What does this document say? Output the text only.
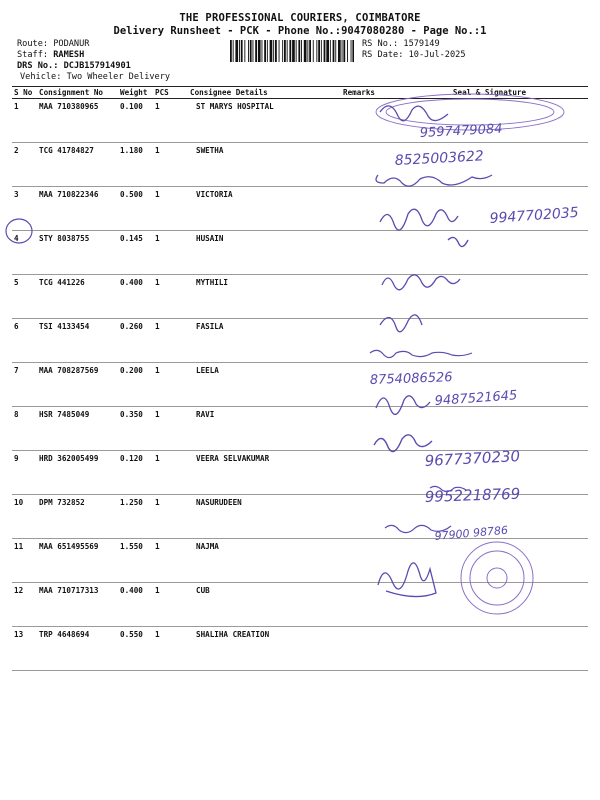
THE PROFESSIONAL COURIERS, COIMBATORE
Delivery Runsheet - PCK - Phone No.:9047080280 - Page No.:1
Route: PODANUR
Staff: RAMESH
DRS No.: DCJB157914901
Vehicle: Two Wheeler Delivery
RS No.: 1579149
RS Date: 10-Jul-2025
S No	Consignment No	Weight	PCS	Consignee Details	Remarks	Seal & Signature
1	MAA 710380965	0.100	1	ST MARYS HOSPITAL		
2	TCG 41784827	1.180	1	SWETHA		
3	MAA 710822346	0.500	1	VICTORIA		
4	STY 8038755	0.145	1	HUSAIN		
5	TCG 441226	0.400	1	MYTHILI		
6	TSI 4133454	0.260	1	FASILA		
7	MAA 708287569	0.200	1	LEELA		
8	HSR 7485049	0.350	1	RAVI		
9	HRD 362005499	0.120	1	VEERA SELVAKUMAR		
10	DPM 732852	1.250	1	NASURUDEEN		
11	MAA 651495569	1.550	1	NAJMA		
12	MAA 710717313	0.400	1	CUB		
13	TRP 4648694	0.550	1	SHALIHA CREATION		
9597479084
8525003622
9947702035
8754086526
9487521645
9677370230
9952218769
97900 98786
